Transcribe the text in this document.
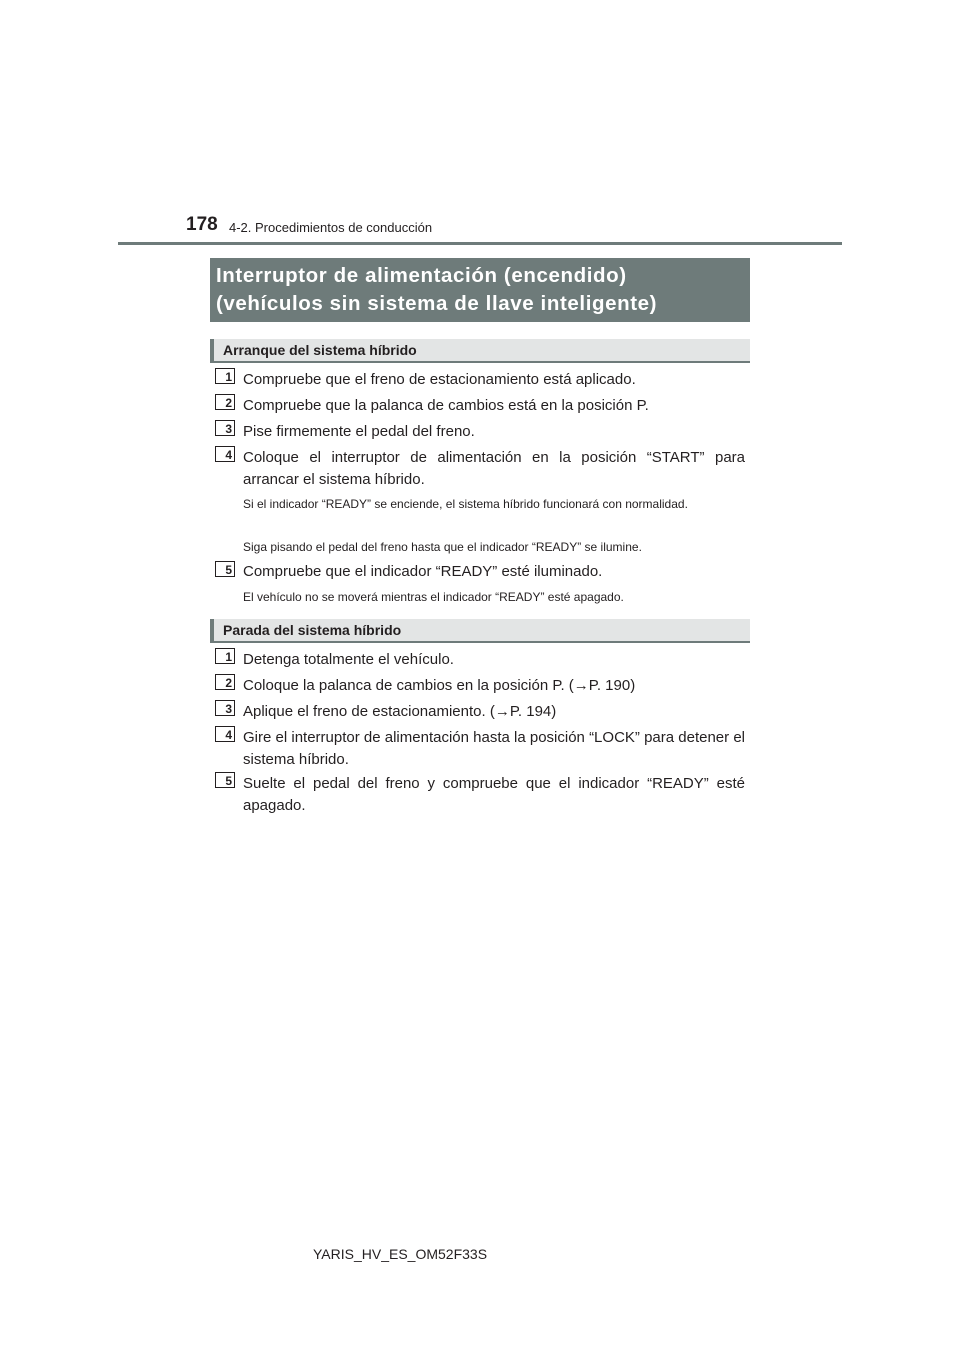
178 4-2. Procedimientos de conducción
Interruptor de alimentación (encendido)
(vehículos sin sistema de llave inteligente)
Arranque del sistema híbrido
1 Compruebe que el freno de estacionamiento está aplicado.
2 Compruebe que la palanca de cambios está en la posición P.
3 Pise firmemente el pedal del freno.
4 Coloque el interruptor de alimentación en la posición “START” para arrancar el sistema híbrido.
Si el indicador “READY” se enciende, el sistema híbrido funcionará con normalidad.
Siga pisando el pedal del freno hasta que el indicador “READY” se ilumine.
5 Compruebe que el indicador “READY” esté iluminado.
El vehículo no se moverá mientras el indicador “READY” esté apagado.
Parada del sistema híbrido
1 Detenga totalmente el vehículo.
2 Coloque la palanca de cambios en la posición P. (→P. 190)
3 Aplique el freno de estacionamiento. (→P. 194)
4 Gire el interruptor de alimentación hasta la posición “LOCK” para detener el sistema híbrido.
5 Suelte el pedal del freno y compruebe que el indicador “READY” esté apagado.
YARIS_HV_ES_OM52F33S
